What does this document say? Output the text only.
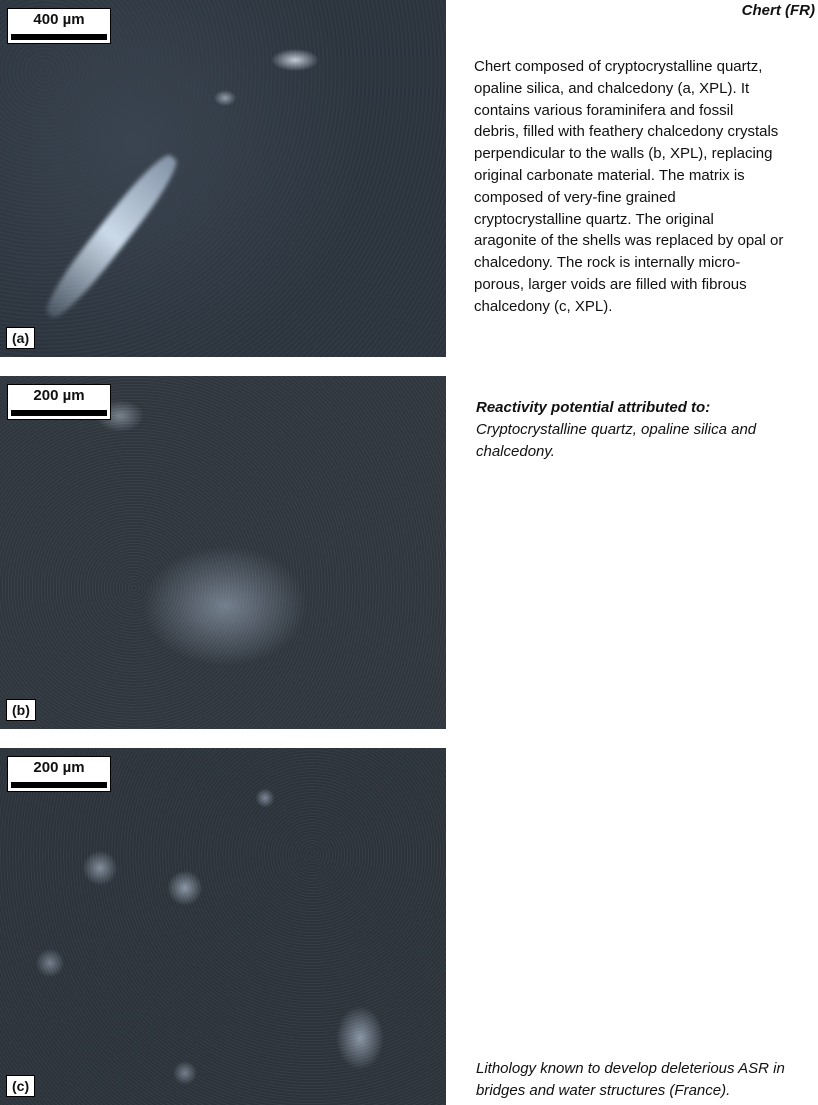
400 µm
(a)
200 µm
(b)
200 µm
(c)
Chert (FR)
Chert composed of cryptocrystalline quartz,
opaline silica, and chalcedony (a, XPL). It
contains various foraminifera and fossil
debris, filled with feathery chalcedony crystals
perpendicular to the walls (b, XPL), replacing
original carbonate material. The matrix is
composed of very-fine grained
cryptocrystalline quartz. The original
aragonite of the shells was replaced by opal or
chalcedony. The rock is internally micro-
porous, larger voids are filled with fibrous
chalcedony (c, XPL).
Reactivity potential attributed to:
Cryptocrystalline quartz, opaline silica and
chalcedony.
Lithology known to develop deleterious ASR in
bridges and water structures (France).
